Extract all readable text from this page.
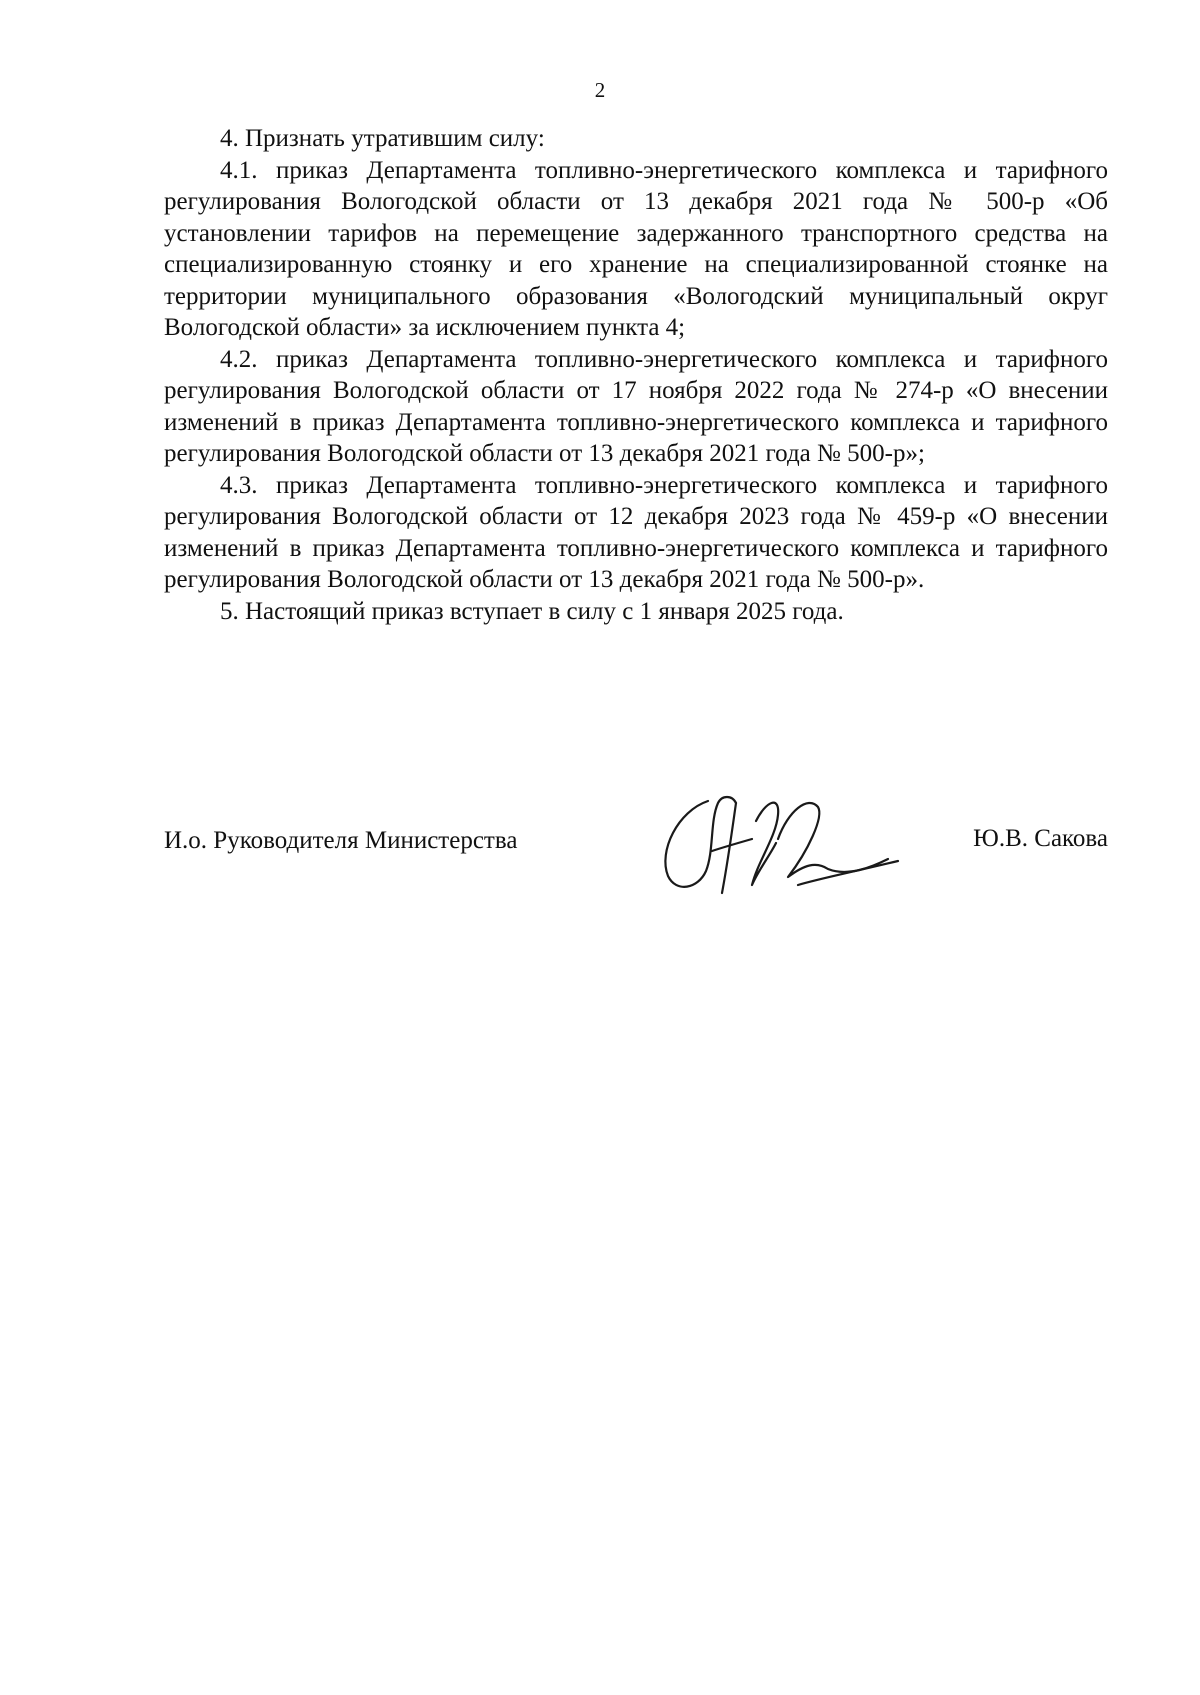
2

4. Признать утратившим силу:

4.1. приказ Департамента топливно-энергетического комплекса и тарифного регулирования Вологодской области от 13 декабря 2021 года № 500-р «Об установлении тарифов на перемещение задержанного транспортного средства на специализированную стоянку и его хранение на специализированной стоянке на территории муниципального образования «Вологодский муниципальный округ Вологодской области» за исключением пункта 4;

4.2. приказ Департамента топливно-энергетического комплекса и тарифного регулирования Вологодской области от 17 ноября 2022 года № 274-р «О внесении изменений в приказ Департамента топливно-энергетического комплекса и тарифного регулирования Вологодской области от 13 декабря 2021 года № 500-р»;

4.3. приказ Департамента топливно-энергетического комплекса и тарифного регулирования Вологодской области от 12 декабря 2023 года № 459-р «О внесении изменений в приказ Департамента топливно-энергетического комплекса и тарифного регулирования Вологодской области от 13 декабря 2021 года № 500-р».

5. Настоящий приказ вступает в силу с 1 января 2025 года.

И.о. Руководителя Министерства	Ю.В. Сакова
